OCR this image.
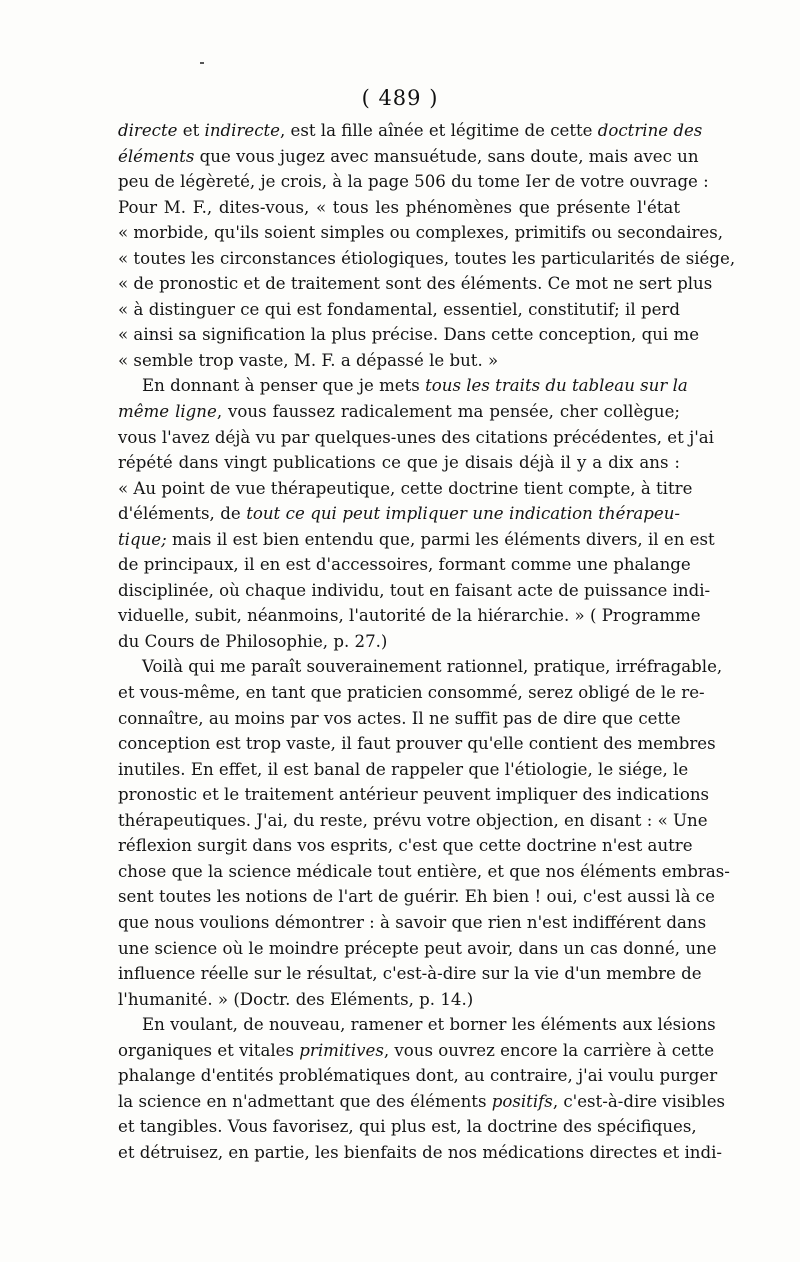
( 489 )
directe et indirecte, est la fille aînée et légitime de cette doctrine des
éléments que vous jugez avec mansuétude, sans doute, mais avec un
peu de légèreté, je crois, à la page 506 du tome Ier de votre ouvrage :
Pour M. F., dites-vous, « tous les phénomènes que présente l'état
« morbide, qu'ils soient simples ou complexes, primitifs ou secondaires,
« toutes les circonstances étiologiques, toutes les particularités de siége,
« de pronostic et de traitement sont des éléments. Ce mot ne sert plus
« à distinguer ce qui est fondamental, essentiel, constitutif; il perd
« ainsi sa signification la plus précise. Dans cette conception, qui me
« semble trop vaste, M. F. a dépassé le but. »
En donnant à penser que je mets tous les traits du tableau sur la
même ligne, vous faussez radicalement ma pensée, cher collègue;
vous l'avez déjà vu par quelques-unes des citations précédentes, et j'ai
répété dans vingt publications ce que je disais déjà il y a dix ans :
« Au point de vue thérapeutique, cette doctrine tient compte, à titre
d'éléments, de tout ce qui peut impliquer une indication thérapeu-
tique; mais il est bien entendu que, parmi les éléments divers, il en est
de principaux, il en est d'accessoires, formant comme une phalange
disciplinée, où chaque individu, tout en faisant acte de puissance indi-
viduelle, subit, néanmoins, l'autorité de la hiérarchie. » ( Programme
du Cours de Philosophie, p. 27.)
Voilà qui me paraît souverainement rationnel, pratique, irréfragable,
et vous-même, en tant que praticien consommé, serez obligé de le re-
connaître, au moins par vos actes. Il ne suffit pas de dire que cette
conception est trop vaste, il faut prouver qu'elle contient des membres
inutiles. En effet, il est banal de rappeler que l'étiologie, le siége, le
pronostic et le traitement antérieur peuvent impliquer des indications
thérapeutiques. J'ai, du reste, prévu votre objection, en disant : « Une
réflexion surgit dans vos esprits, c'est que cette doctrine n'est autre
chose que la science médicale tout entière, et que nos éléments embras-
sent toutes les notions de l'art de guérir. Eh bien ! oui, c'est aussi là ce
que nous voulions démontrer : à savoir que rien n'est indifférent dans
une science où le moindre précepte peut avoir, dans un cas donné, une
influence réelle sur le résultat, c'est-à-dire sur la vie d'un membre de
l'humanité. » (Doctr. des Eléments, p. 14.)
En voulant, de nouveau, ramener et borner les éléments aux lésions
organiques et vitales primitives, vous ouvrez encore la carrière à cette
phalange d'entités problématiques dont, au contraire, j'ai voulu purger
la science en n'admettant que des éléments positifs, c'est-à-dire visibles
et tangibles. Vous favorisez, qui plus est, la doctrine des spécifiques,
et détruisez, en partie, les bienfaits de nos médications directes et indi-
